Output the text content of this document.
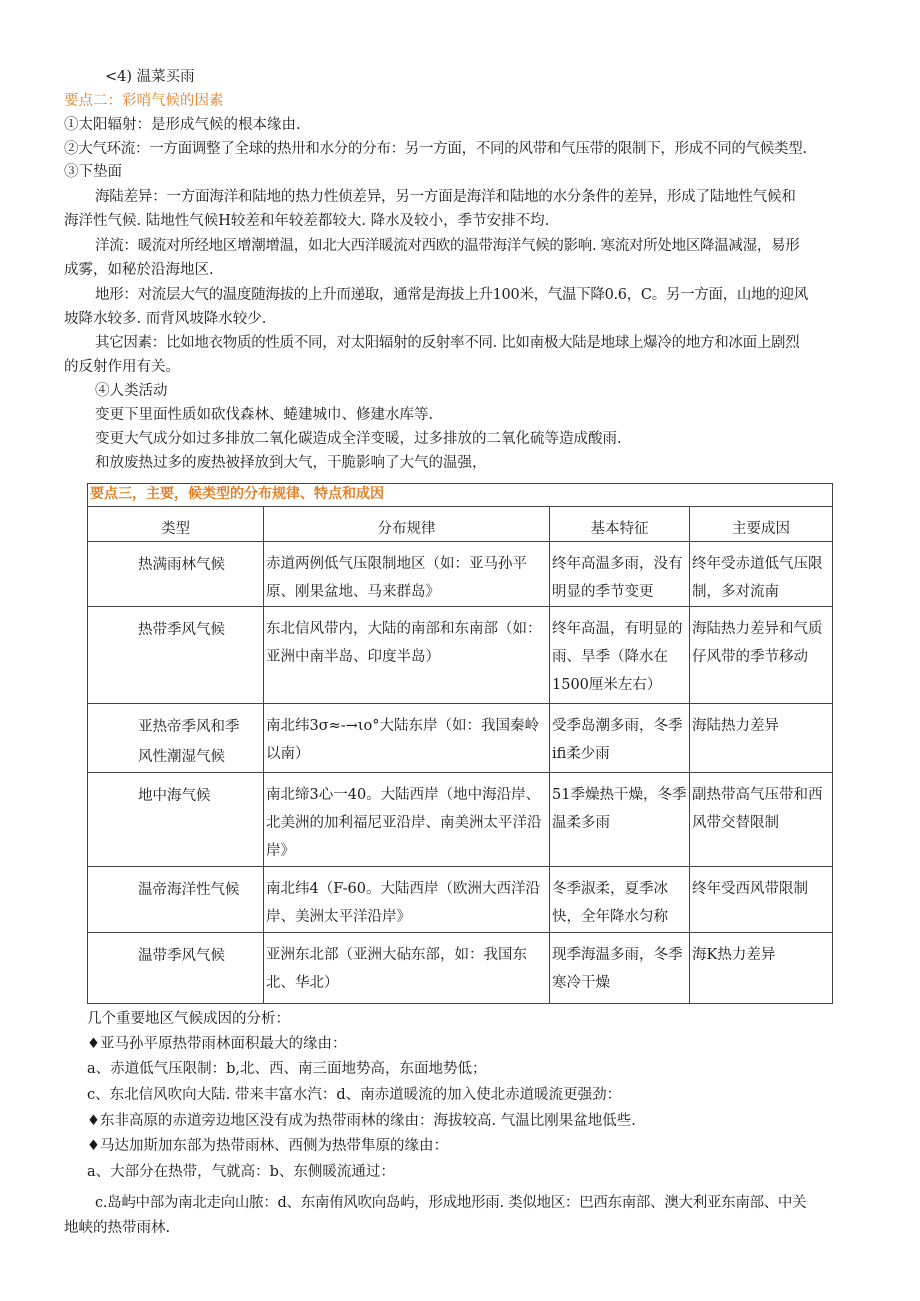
<4) 温菜买雨
要点二：彩哨气候的因素
①太阳辐射：是形成气候的根本缘由.
②大气环流：一方面调整了全球的热卅和水分的分布：另一方面，不同的风带和气压带的限制下，形成不同的气候类型.
③下垫面
海陆差异：一方面海洋和陆地的热力性侦差异，另一方面是海洋和陆地的水分条件的差异，形成了陆地性气候和
海洋性气候. 陆地性气候H较差和年较差都较大. 降水及较小，季节安排不均.
洋流：暖流对所经地区增潮增温，如北大西洋暖流对西欧的温带海洋气候的影响. 寒流对所处地区降温减湿，易形
成雾，如秘於沿海地区.
地形：对流层大气的温度随海拔的上升而递取，通常是海拔上升100米，气温下降0.6，C。另一方面，山地的迎风
坡降水较多. 而背风坡降水较少.
其它因素：比如地衣物质的性质不同，对太阳辐射的反射率不同. 比如南极大陆是地球上爆冷的地方和冰面上剧烈
的反射作用有关。
④人类活动
变更下里面性质如砍伐森林、蜷建城巾、修建水库等.
变更大气成分如过多排放二氧化碳造成全洋变暖，过多排放的二氧化硫等造成酸雨.
和放废热过多的废热被择放到大气，干脆影响了大气的温强，
要点三，主要，候类型的分布规律、特点和成因			
类型	分布规律	基本特征	主要成因
热满雨林气候	赤道两例低气压限制地区（如：亚马孙平原、刚果盆地、马来群岛》	终年高温多雨，没有明显的季节变更	终年受赤道低气压限制，多对流南
热带季风气候	东北信风带内，大陆的南部和东南部（如：亚洲中南半岛、印度半岛）	终年高温，有明显的雨、旱季（降水在1500厘米左右）	海陆热力差异和气质仔风带的季节移动
亚热帝季风和季风性潮湿气候	南北纬3σ≈-→ιo°大陆东岸（如：我国秦岭以南）	受季岛潮多雨，冬季ifi柔少雨	海陆热力差异
地中海气候	南北缔3心一40。大陆西岸（地中海沿岸、北美洲的加利福尼亚沿岸、南美洲太平洋沿岸》	51季燥热干燥，冬季温柔多雨	副热带高气压带和西风带交替限制
温帝海洋性气候	南北纬4（F-60。大陆西岸（欧洲大西洋沿岸、美洲太平洋沿岸》	冬季淑柔，夏季冰快，全年降水匀称	终年受西风带限制
温带季风气候	亚洲东北部（亚洲大砧东部，如：我国东北、华北）	现季海温多雨，冬季寒冷干燥	海K热力差异
几个重要地区气候成因的分析：
♦亚马孙平原热带雨林面积最大的缘由：
a、赤道低气压限制：b,北、西、南三面地势高，东面地势低；
c、东北信风吹向大陆. 带来丰富水汽：d、南赤道暖流的加入使北赤道暖流更强劲：
♦东非高原的赤道旁边地区没有成为热带雨林的缘由：海拔较高. 气温比刚果盆地低些.
♦马达加斯加东部为热带雨林、西侧为热带隼原的缘由：
a、大部分在热带，气就高：b、东侧暖流通过：
c.岛屿中部为南北走向山脓：d、东南侑风吹向岛屿，形成地形雨. 类似地区：巴西东南部、澳大利亚东南部、中关
地峡的热带雨林.
